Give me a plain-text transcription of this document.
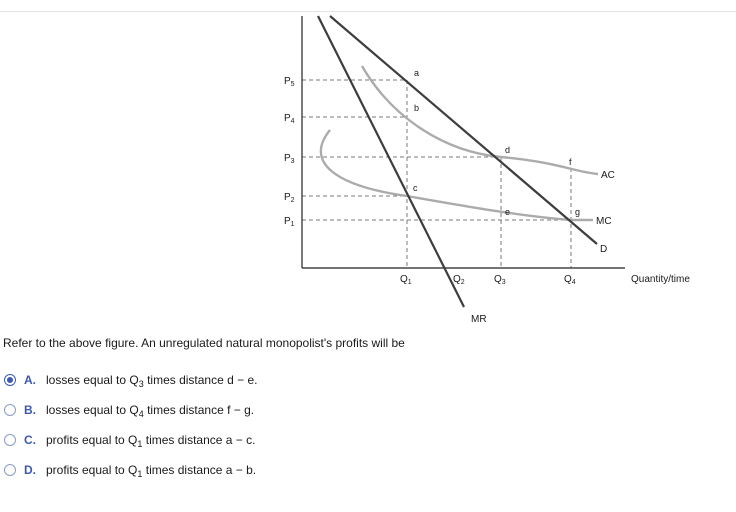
$P_5$
$P_4$
$P_3$
$P_2$
$P_1$
$Q_1$	$Q_2$	$Q_3$	$Q_4$	Quantity/time
AC
MC
D
MR
a
b
c
d
e
f
g
Refer to the above figure. An unregulated natural monopolist's profits will be
A. losses equal to $Q_3$ times distance d − e.
B. losses equal to $Q_4$ times distance f − g.
C. profits equal to $Q_1$ times distance a − c.
D. profits equal to $Q_1$ times distance a − b.
